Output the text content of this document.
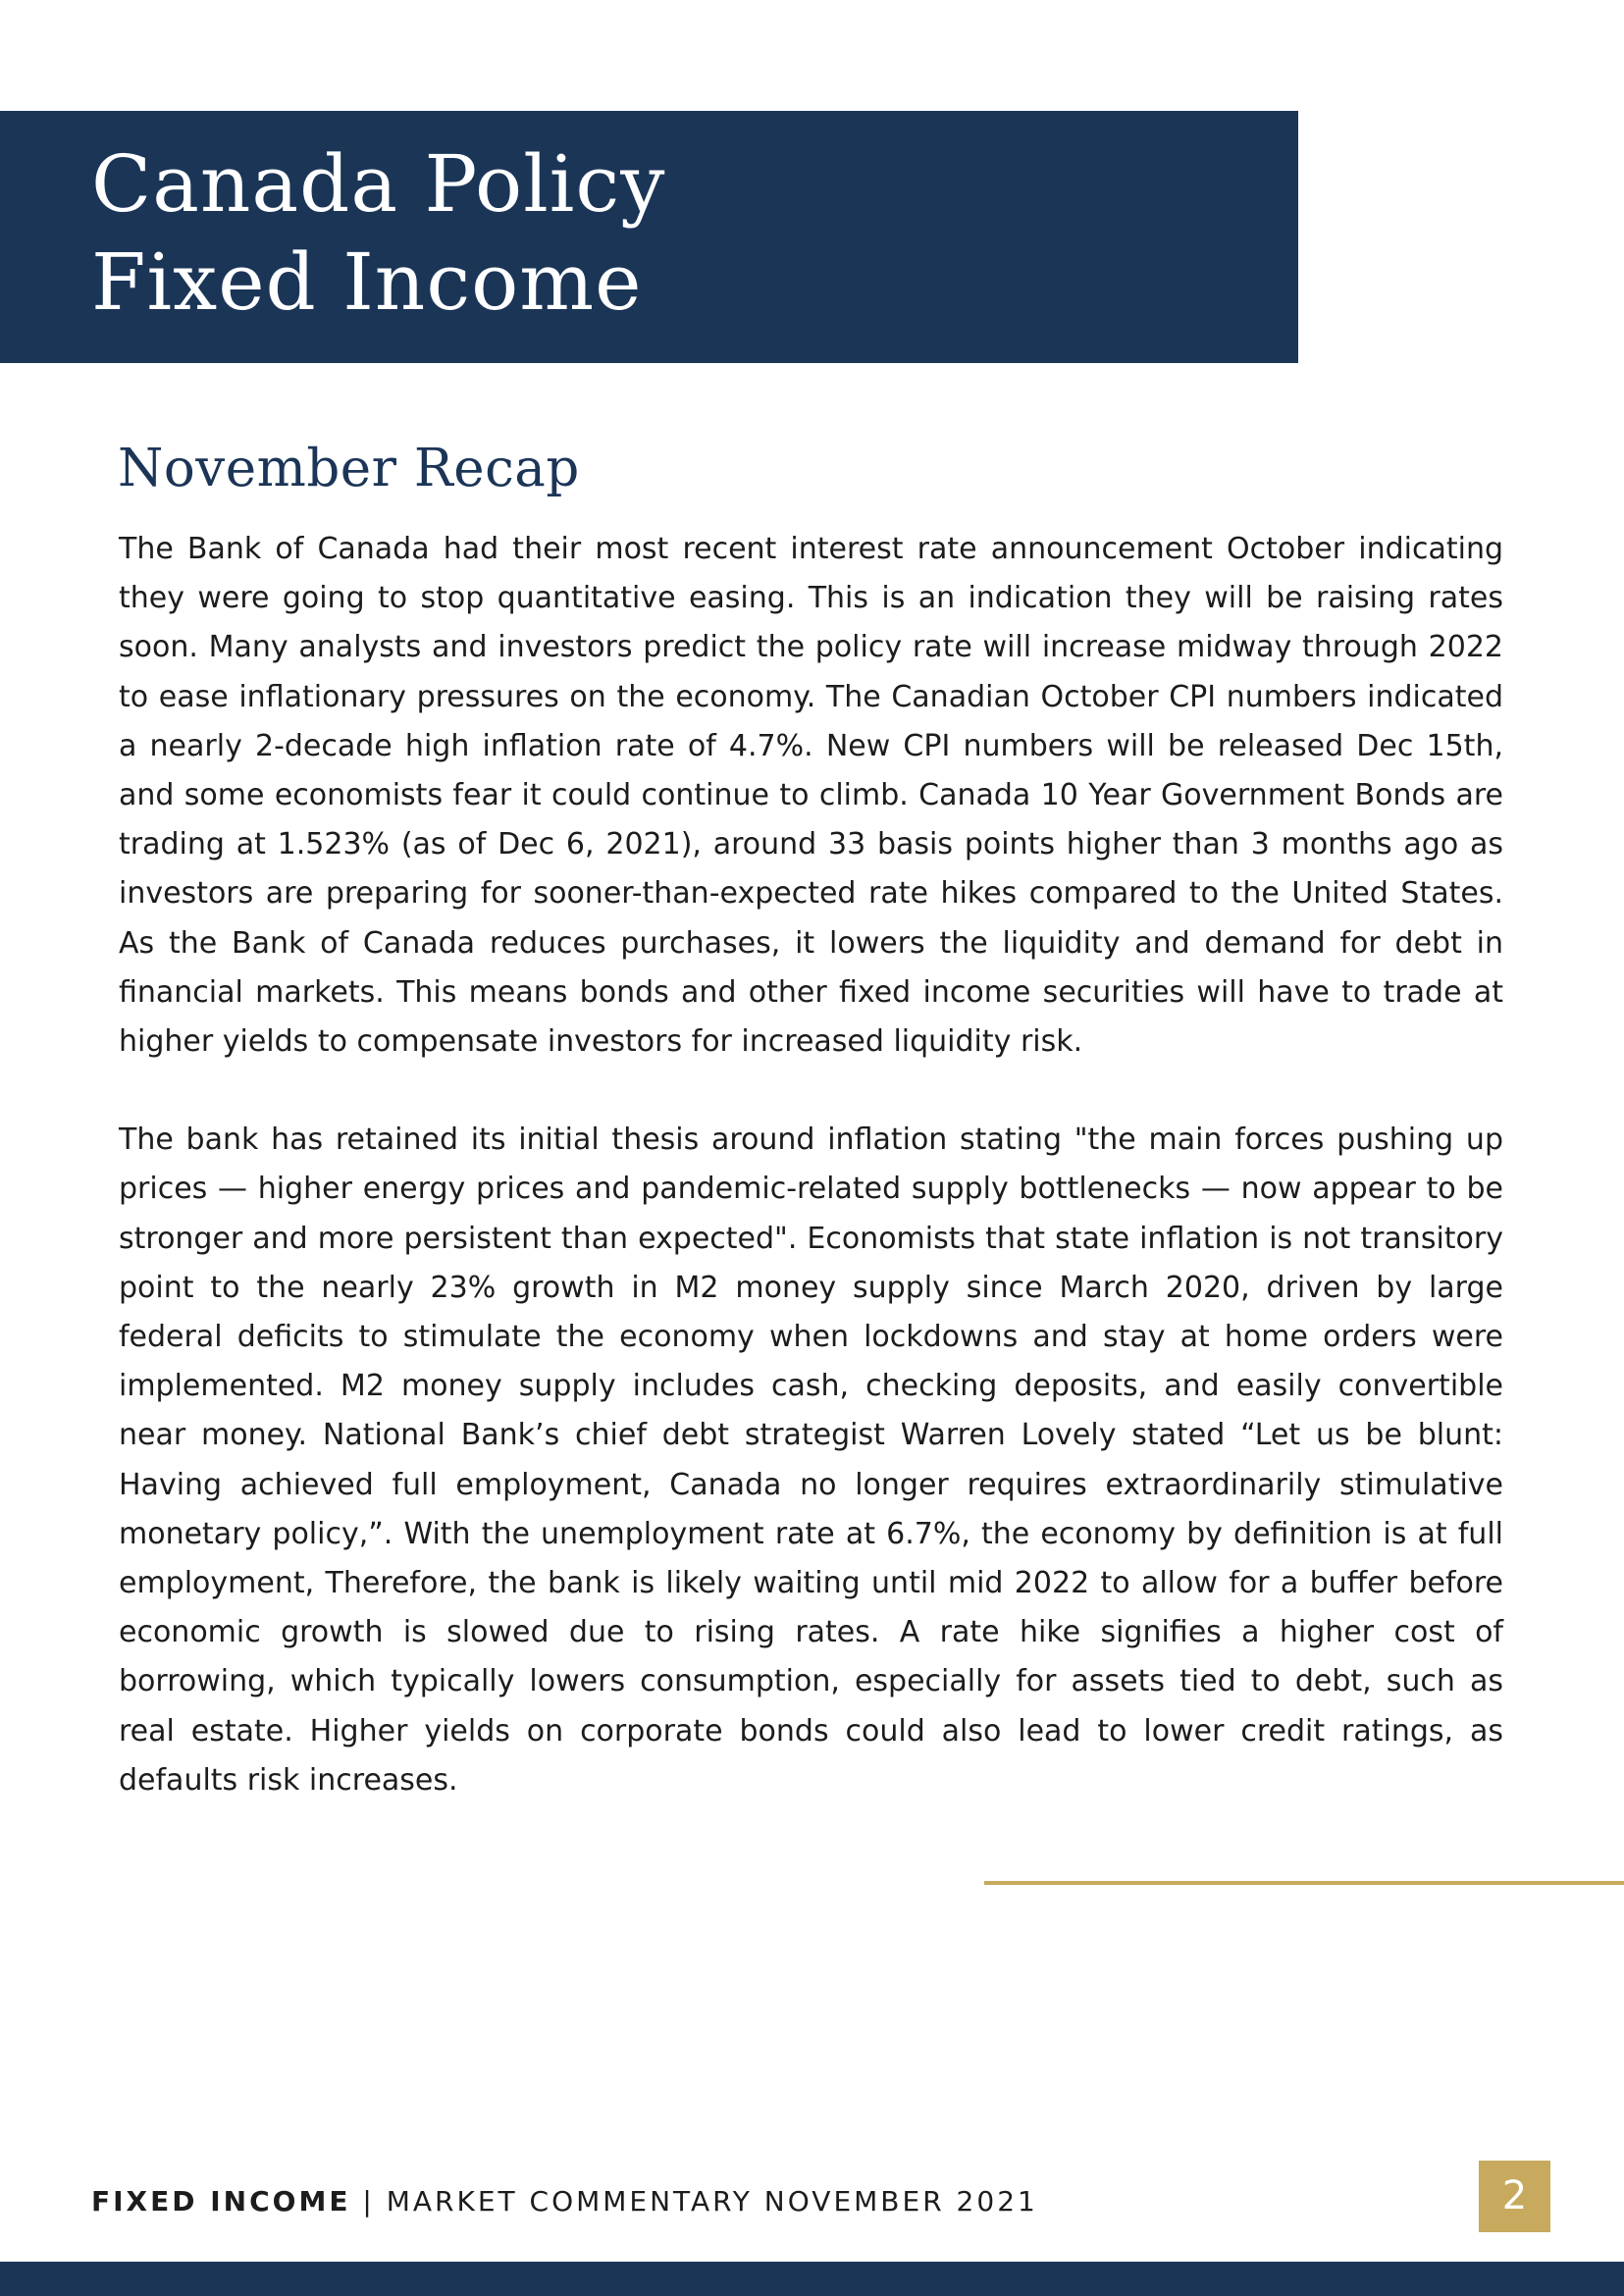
Canada Policy
Fixed Income
November Recap

The Bank of Canada had their most recent interest rate announcement October indicating they were going to stop quantitative easing. This is an indication they will be raising rates soon. Many analysts and investors predict the policy rate will increase midway through 2022 to ease inflationary pressures on the economy. The Canadian October CPI numbers indicated a nearly 2-decade high inflation rate of 4.7%. New CPI numbers will be released Dec 15th, and some economists fear it could continue to climb. Canada 10 Year Government Bonds are trading at 1.523% (as of Dec 6, 2021), around 33 basis points higher than 3 months ago as investors are preparing for sooner-than-expected rate hikes compared to the United States. As the Bank of Canada reduces purchases, it lowers the liquidity and demand for debt in financial markets. This means bonds and other fixed income securities will have to trade at higher yields to compensate investors for increased liquidity risk.

The bank has retained its initial thesis around inflation stating "the main forces pushing up prices — higher energy prices and pandemic-related supply bottlenecks — now appear to be stronger and more persistent than expected". Economists that state inflation is not transitory point to the nearly 23% growth in M2 money supply since March 2020, driven by large federal deficits to stimulate the economy when lockdowns and stay at home orders were implemented. M2 money supply includes cash, checking deposits, and easily convertible near money. National Bank’s chief debt strategist Warren Lovely stated “Let us be blunt: Having achieved full employment, Canada no longer requires extraordinarily stimulative monetary policy,”. With the unemployment rate at 6.7%, the economy by definition is at full employment, Therefore, the bank is likely waiting until mid 2022 to allow for a buffer before economic growth is slowed due to rising rates. A rate hike signifies a higher cost of borrowing, which typically lowers consumption, especially for assets tied to debt, such as real estate. Higher yields on corporate bonds could also lead to lower credit ratings, as defaults risk increases.

FIXED INCOME | MARKET COMMENTARY NOVEMBER 2021	2
